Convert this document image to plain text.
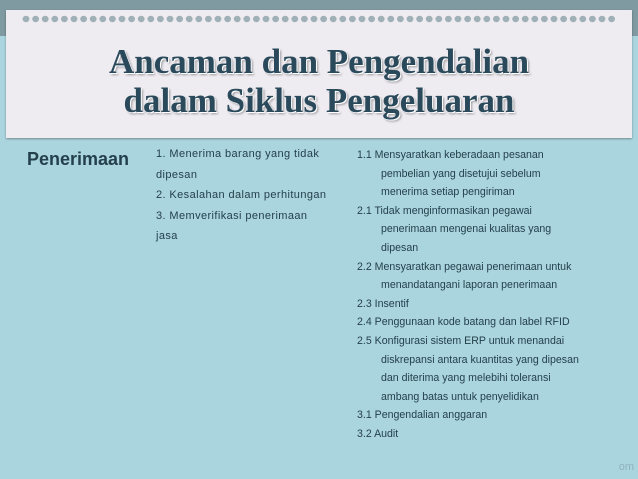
Ancaman dan Pengendalian
dalam Siklus Pengeluaran

Penerimaan 1. Menerima barang yang tidak

dipesan

2. Kesalahan dalam perhitungan

3. Memverifikasi penerimaan

jasa

1.1 Mensyaratkan keberadaan pesanan

pembelian yang disetujui sebelum

menerima setiap pengiriman

2.1 Tidak menginformasikan pegawai

penerimaan mengenai kualitas yang

dipesan

2.2 Mensyaratkan pegawai penerimaan untuk

menandatangani laporan penerimaan

2.3 Insentif

2.4 Penggunaan kode batang dan label RFID

2.5 Konfigurasi sistem ERP untuk menandai

diskrepansi antara kuantitas yang dipesan

dan diterima yang melebihi toleransi

ambang batas untuk penyelidikan

3.1 Pengendalian anggaran

3.2 Audit

om
